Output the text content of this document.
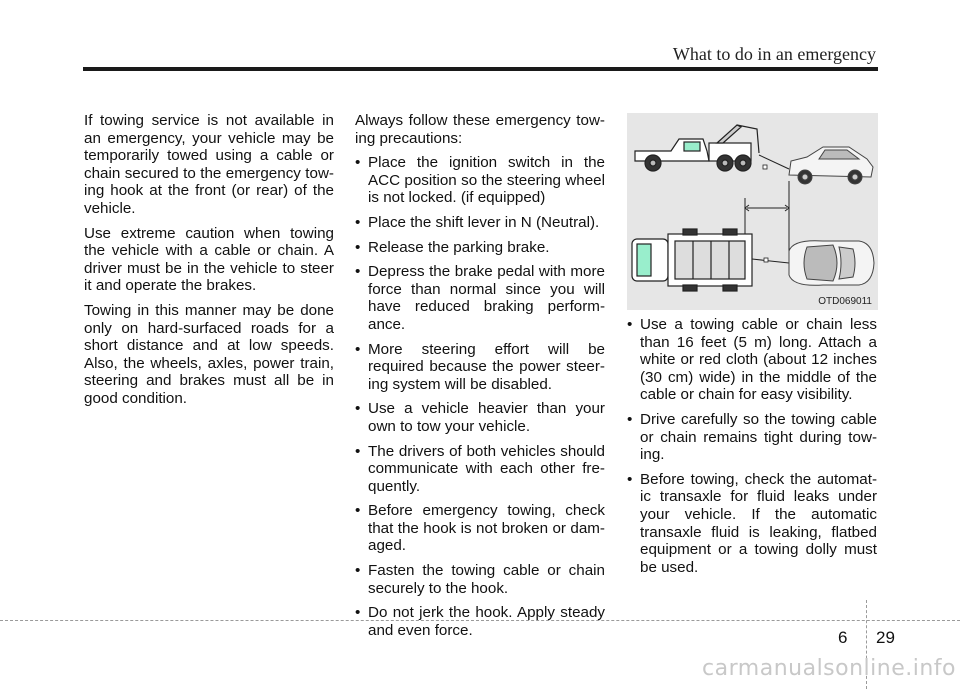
What to do in an emergency

If towing service is not available in an emergency, your vehicle may be temporarily towed using a cable or chain secured to the emergency tow-ing hook at the front (or rear) of the vehicle.

Use extreme caution when towing the vehicle with a cable or chain. A driver must be in the vehicle to steer it and operate the brakes.

Towing in this manner may be done only on hard-surfaced roads for a short distance and at low speeds. Also, the wheels, axles, power train, steering and brakes must all be in good condition.

Always follow these emergency tow-ing precautions:

• Place the ignition switch in the ACC position so the steering wheel is not locked. (if equipped)
• Place the shift lever in N (Neutral).
• Release the parking brake.
• Depress the brake pedal with more force than normal since you will have reduced braking perform-ance.
• More steering effort will be required because the power steer-ing system will be disabled.
• Use a vehicle heavier than your own to tow your vehicle.
• The drivers of both vehicles should communicate with each other fre-quently.
• Before emergency towing, check that the hook is not broken or dam-aged.
• Fasten the towing cable or chain securely to the hook.
• Do not jerk the hook. Apply steady and even force.
OTD069011
• Use a towing cable or chain less than 16 feet (5 m) long. Attach a white or red cloth (about 12 inches (30 cm) wide) in the middle of the cable or chain for easy visibility.
• Drive carefully so the towing cable or chain remains tight during tow-ing.
• Before towing, check the automat-ic transaxle for fluid leaks under your vehicle. If the automatic transaxle fluid is leaking, flatbed equipment or a towing dolly must be used.
6 29
carmanualsonline.info
